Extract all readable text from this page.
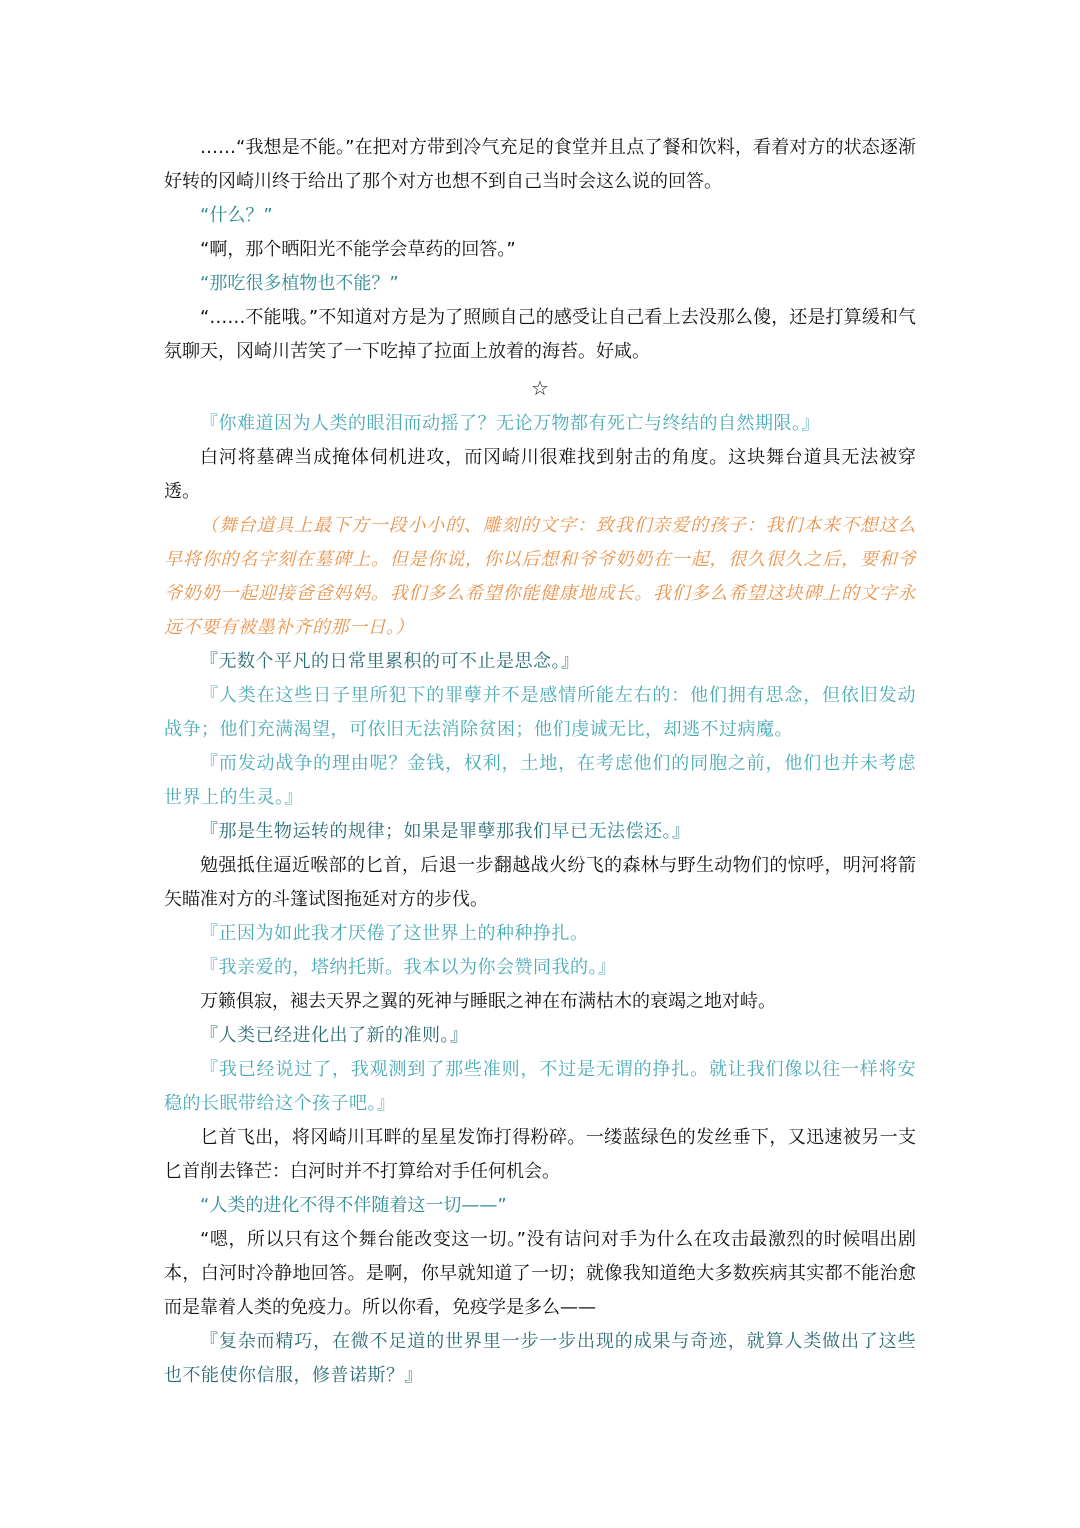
……“我想是不能。”在把对方带到冷气充足的食堂并且点了餐和饮料，看着对方的状态逐渐好转的冈崎川终于给出了那个对方也想不到自己当时会这么说的回答。

“什么？”

“啊，那个晒阳光不能学会草药的回答。”

“那吃很多植物也不能？”

“……不能哦。”不知道对方是为了照顾自己的感受让自己看上去没那么傻，还是打算缓和气氛聊天，冈崎川苦笑了一下吃掉了拉面上放着的海苔。好咸。

☆

『你难道因为人类的眼泪而动摇了？无论万物都有死亡与终结的自然期限。』

白河将墓碑当成掩体伺机进攻，而冈崎川很难找到射击的角度。这块舞台道具无法被穿透。

（舞台道具上最下方一段小小的、雕刻的文字：致我们亲爱的孩子：我们本来不想这么早将你的名字刻在墓碑上。但是你说，你以后想和爷爷奶奶在一起，很久很久之后，要和爷爷奶奶一起迎接爸爸妈妈。我们多么希望你能健康地成长。我们多么希望这块碑上的文字永远不要有被墨补齐的那一日。）

『无数个平凡的日常里累积的可不止是思念。』

『人类在这些日子里所犯下的罪孽并不是感情所能左右的：他们拥有思念，但依旧发动战争；他们充满渴望，可依旧无法消除贫困；他们虔诚无比，却逃不过病魔。

『而发动战争的理由呢？金钱，权利，土地，在考虑他们的同胞之前，他们也并未考虑世界上的生灵。』

『那是生物运转的规律；如果是罪孽那我们早已无法偿还。』

勉强抵住逼近喉部的匕首，后退一步翻越战火纷飞的森林与野生动物们的惊呼，明河将箭矢瞄准对方的斗篷试图拖延对方的步伐。

『正因为如此我才厌倦了这世界上的种种挣扎。

『我亲爱的，塔纳托斯。我本以为你会赞同我的。』

万籁俱寂，褪去天界之翼的死神与睡眠之神在布满枯木的衰竭之地对峙。

『人类已经进化出了新的准则。』

『我已经说过了，我观测到了那些准则，不过是无谓的挣扎。就让我们像以往一样将安稳的长眠带给这个孩子吧。』

匕首飞出，将冈崎川耳畔的星星发饰打得粉碎。一缕蓝绿色的发丝垂下，又迅速被另一支匕首削去锋芒：白河时并不打算给对手任何机会。

“人类的进化不得不伴随着这一切——”

“嗯，所以只有这个舞台能改变这一切。”没有诘问对手为什么在攻击最激烈的时候唱出剧本，白河时冷静地回答。是啊，你早就知道了一切；就像我知道绝大多数疾病其实都不能治愈而是靠着人类的免疫力。所以你看，免疫学是多么——

『复杂而精巧，在微不足道的世界里一步一步出现的成果与奇迹，就算人类做出了这些也不能使你信服，修普诺斯？』
